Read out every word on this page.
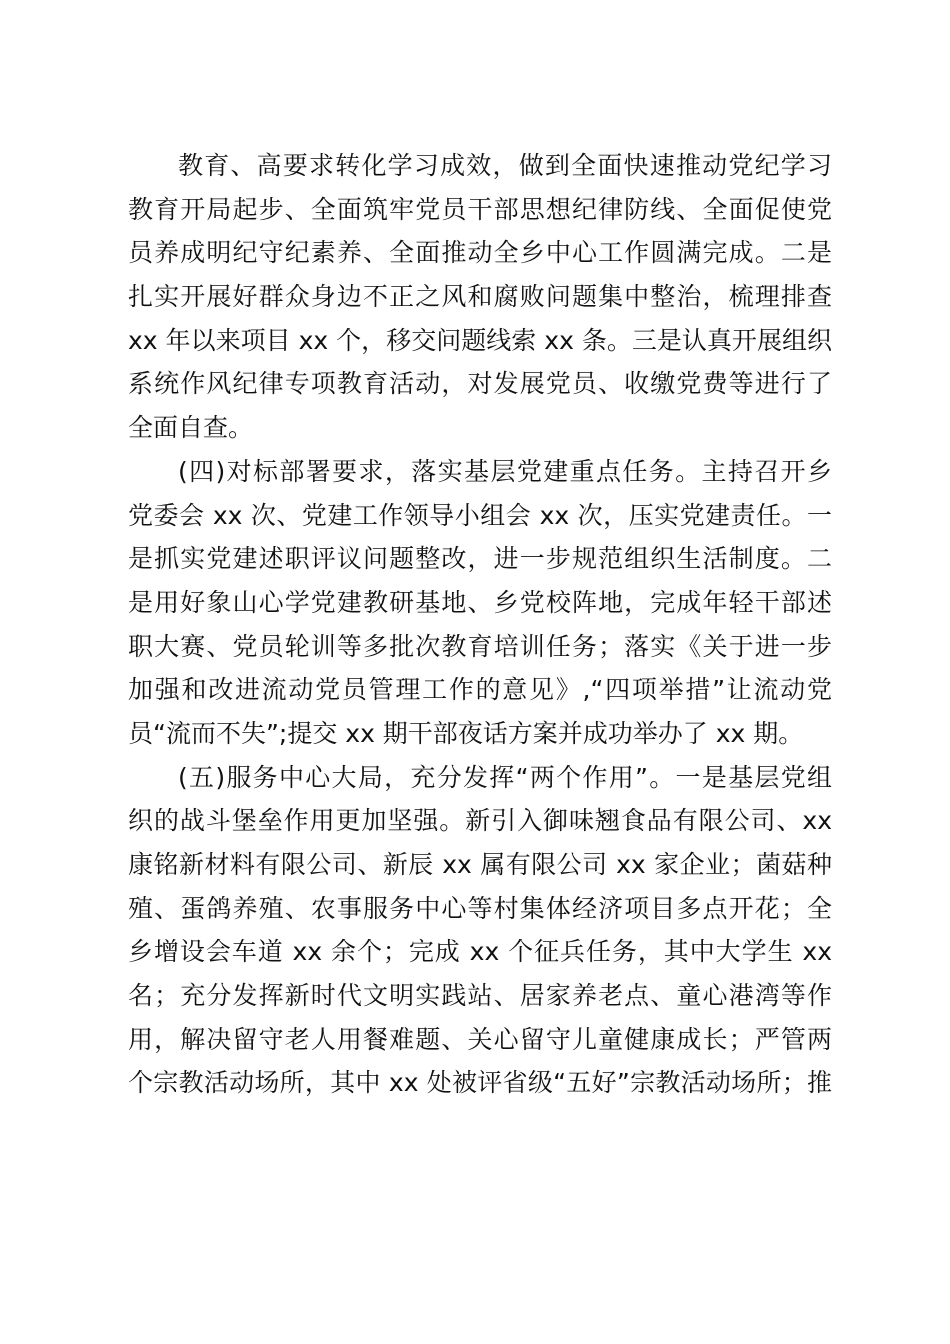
教育、高要求转化学习成效，做到全面快速推动党纪学习
教育开局起步、全面筑牢党员干部思想纪律防线、全面促使党
员养成明纪守纪素养、全面推动全乡中心工作圆满完成。二是
扎实开展好群众身边不正之风和腐败问题集中整治，梳理排查
xx 年以来项目 xx 个，移交问题线索 xx 条。三是认真开展组织
系统作风纪律专项教育活动，对发展党员、收缴党费等进行了
全面自查。
(四)对标部署要求，落实基层党建重点任务。主持召开乡
党委会 xx 次、党建工作领导小组会 xx 次，压实党建责任。一
是抓实党建述职评议问题整改，进一步规范组织生活制度。二
是用好象山心学党建教研基地、乡党校阵地，完成年轻干部述
职大赛、党员轮训等多批次教育培训任务；落实《关于进一步
加强和改进流动党员管理工作的意见》,“四项举措”让流动党
员“流而不失”;提交 xx 期干部夜话方案并成功举办了 xx 期。
(五)服务中心大局，充分发挥“两个作用”。一是基层党组
织的战斗堡垒作用更加坚强。新引入御味翘食品有限公司、xx
康铭新材料有限公司、新辰 xx 属有限公司 xx 家企业；菌菇种
殖、蛋鸽养殖、农事服务中心等村集体经济项目多点开花；全
乡增设会车道 xx 余个；完成 xx 个征兵任务，其中大学生 xx
名；充分发挥新时代文明实践站、居家养老点、童心港湾等作
用，解决留守老人用餐难题、关心留守儿童健康成长；严管两
个宗教活动场所，其中 xx 处被评省级“五好”宗教活动场所；推
